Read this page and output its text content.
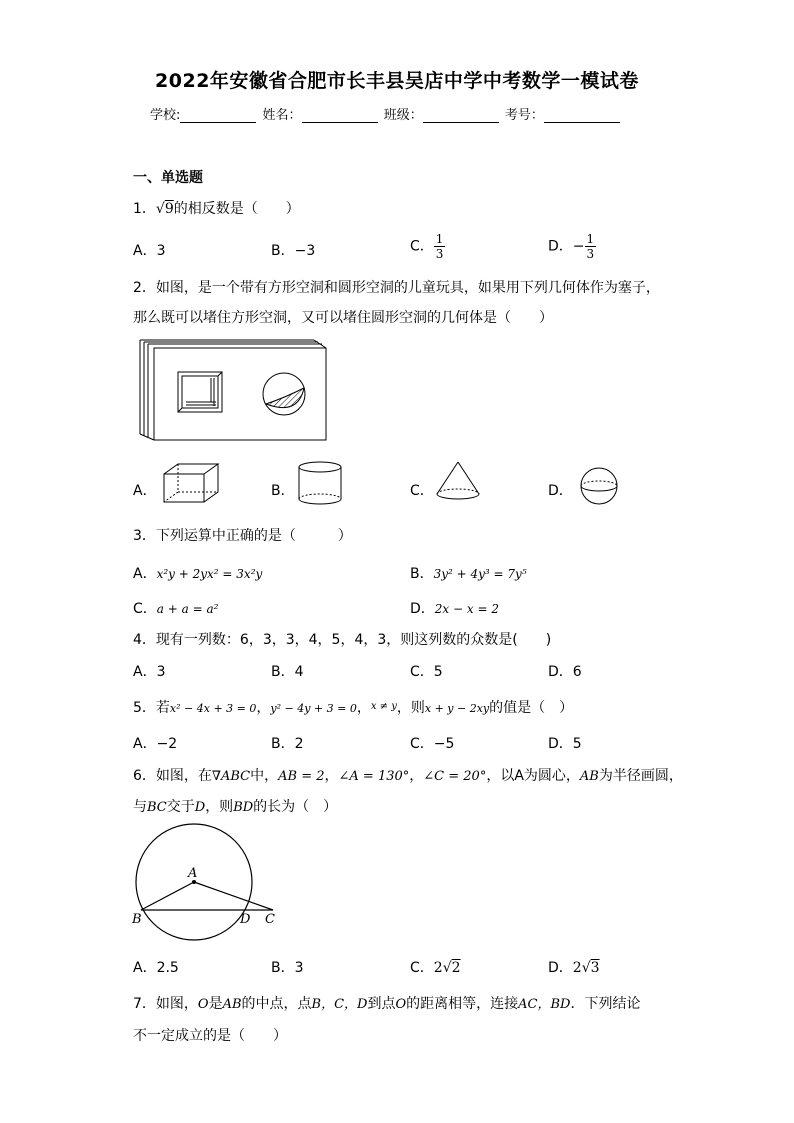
2022年安徽省合肥市长丰县吴店中学中考数学一模试卷
学校:	姓名：	班级：	考号：
一、单选题
1．√9的相反数是（　　）
A．3	B．−3	C． $\frac{1}{3}$	D．− $\frac{1}{3}$
2．如图，是一个带有方形空洞和圆形空洞的儿童玩具，如果用下列几何体作为塞子，
那么既可以堵住方形空洞，又可以堵住圆形空洞的几何体是（　　）
A．	B．	C．	D．
3．下列运算中正确的是（　　　）
A．x²y + 2yx² = 3x²y	B．3y² + 4y³ = 7y⁵
C．a + a = a²	D．2x − x = 2
4．现有一列数：6，3，3，4，5，4，3，则这列数的众数是(　　)
A．3	B．4	C．5	D．6
5．若x² − 4x + 3 = 0，y² − 4y + 3 = 0，$^{x \ne y}$，则x + y − 2xy的值是（　）
A．−2	B．2	C．−5	D．5
6．如图，在∇ABC中，AB = 2，∠A = 130°，∠C = 20°，以A为圆心，AB为半径画圆，
与BC交于D，则BD的长为（　）
A
B	D C
A．2.5	B．3	C．2√2	D．2√3
7．如图，O是AB的中点，点B，C，D到点O的距离相等，连接AC，BD．下列结论
不一定成立的是（　　）
